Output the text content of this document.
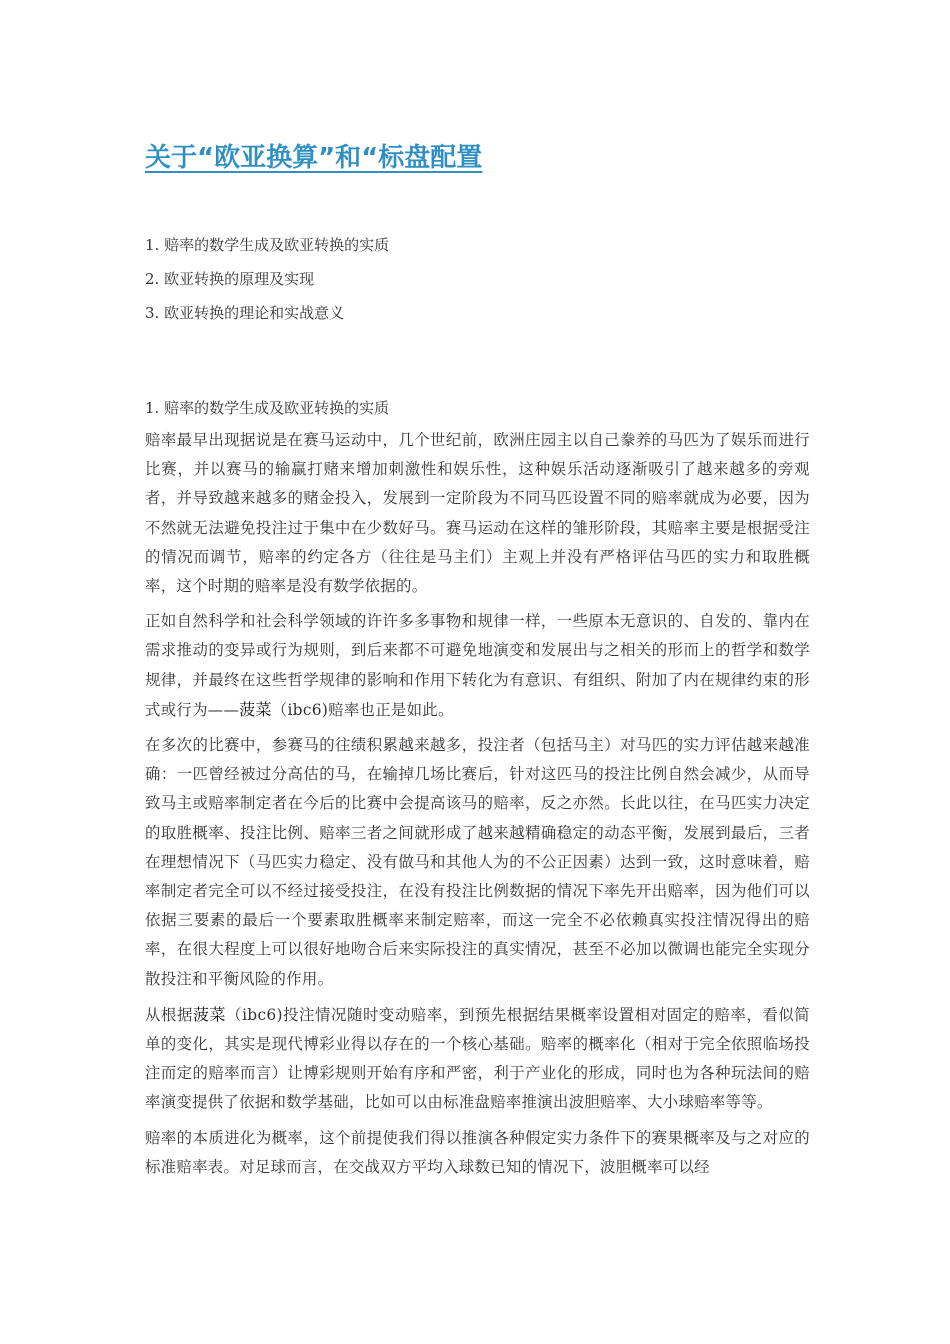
关于“欧亚换算”和“标盘配置
1. 赔率的数学生成及欧亚转换的实质
2. 欧亚转换的原理及实现
3. 欧亚转换的理论和实战意义

1. 赔率的数学生成及欧亚转换的实质

赔率最早出现据说是在赛马运动中，几个世纪前，欧洲庄园主以自己豢养的马匹为了娱乐而进行比赛，并以赛马的输赢打赌来增加刺激性和娱乐性，这种娱乐活动逐渐吸引了越来越多的旁观者，并导致越来越多的赌金投入，发展到一定阶段为不同马匹设置不同的赔率就成为必要，因为不然就无法避免投注过于集中在少数好马。赛马运动在这样的雏形阶段，其赔率主要是根据受注的情况而调节，赔率的约定各方（往往是马主们）主观上并没有严格评估马匹的实力和取胜概率，这个时期的赔率是没有数学依据的。

正如自然科学和社会科学领域的许许多多事物和规律一样，一些原本无意识的、自发的、靠内在需求推动的变异或行为规则，到后来都不可避免地演变和发展出与之相关的形而上的哲学和数学规律，并最终在这些哲学规律的影响和作用下转化为有意识、有组织、附加了内在规律约束的形式或行为——菠菜（ibc6)赔率也正是如此。

在多次的比赛中，参赛马的往绩积累越来越多，投注者（包括马主）对马匹的实力评估越来越准确：一匹曾经被过分高估的马，在输掉几场比赛后，针对这匹马的投注比例自然会减少，从而导致马主或赔率制定者在今后的比赛中会提高该马的赔率，反之亦然。长此以往，在马匹实力决定的取胜概率、投注比例、赔率三者之间就形成了越来越精确稳定的动态平衡，发展到最后，三者在理想情况下（马匹实力稳定、没有做马和其他人为的不公正因素）达到一致，这时意味着，赔率制定者完全可以不经过接受投注，在没有投注比例数据的情况下率先开出赔率，因为他们可以依据三要素的最后一个要素取胜概率来制定赔率，而这一完全不必依赖真实投注情况得出的赔率，在很大程度上可以很好地吻合后来实际投注的真实情况，甚至不必加以微调也能完全实现分散投注和平衡风险的作用。

从根据菠菜（ibc6)投注情况随时变动赔率，到预先根据结果概率设置相对固定的赔率，看似简单的变化，其实是现代博彩业得以存在的一个核心基础。赔率的概率化（相对于完全依照临场投注而定的赔率而言）让博彩规则开始有序和严密，利于产业化的形成，同时也为各种玩法间的赔率演变提供了依据和数学基础，比如可以由标准盘赔率推演出波胆赔率、大小球赔率等等。

赔率的本质进化为概率，这个前提使我们得以推演各种假定实力条件下的赛果概率及与之对应的标准赔率表。对足球而言，在交战双方平均入球数已知的情况下，波胆概率可以经
